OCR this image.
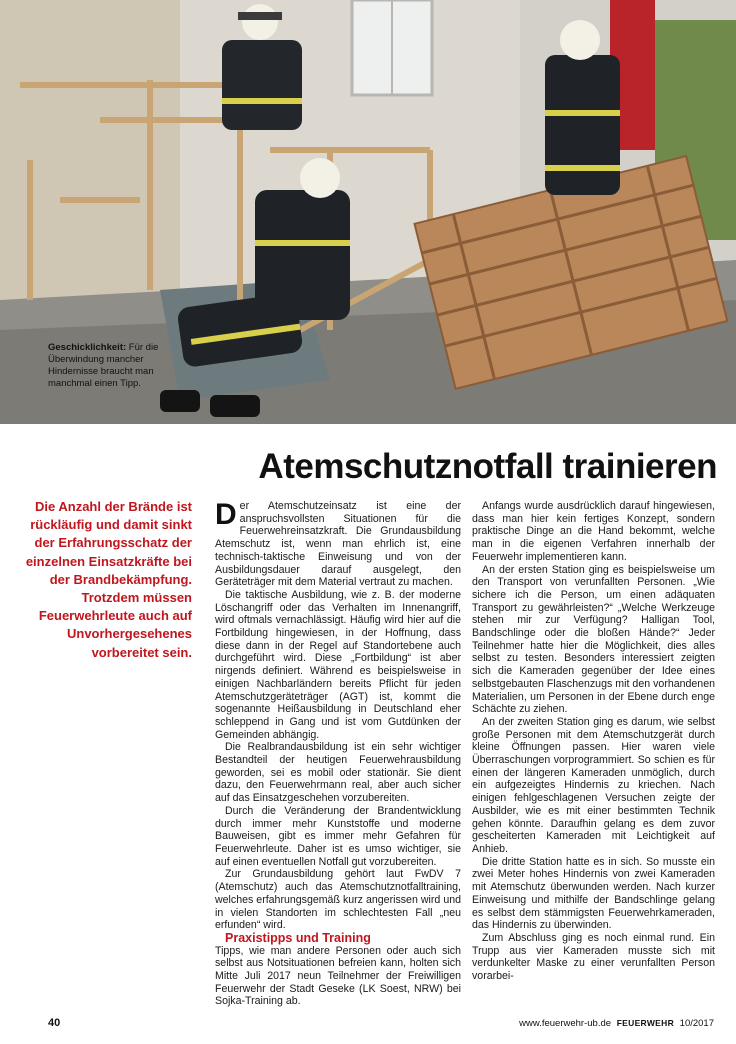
Geschicklichkeit: Für die Überwindung mancher Hindernisse braucht man manchmal einen Tipp.
Atemschutznotfall trainieren
Die Anzahl der Brände ist rückläufig und damit sinkt der Erfahrungsschatz der einzelnen Einsatzkräfte bei der Brandbekämpfung. Trotzdem müssen Feuerwehrleute auch auf Unvorhergesehenes vorbereitet sein.

Der Atemschutzeinsatz ist eine der anspruchsvollsten Situationen für die Feuerwehreinsatzkraft. Die Grundausbildung Atemschutz ist, wenn man ehrlich ist, eine technisch-taktische Einweisung und von der Ausbildungsdauer darauf ausgelegt, den Geräteträger mit dem Material vertraut zu machen.

Die taktische Ausbildung, wie z. B. der moderne Löschangriff oder das Verhalten im Innenangriff, wird oftmals vernachlässigt. Häufig wird hier auf die Fortbildung hingewiesen, in der Hoffnung, dass diese dann in der Regel auf Standortebene auch durchgeführt wird. Diese „Fortbildung“ ist aber nirgends definiert. Während es beispielsweise in einigen Nachbarländern bereits Pflicht für jeden Atemschutzgeräteträger (AGT) ist, kommt die sogenannte Heißausbildung in Deutschland eher schleppend in Gang und ist vom Gutdünken der Gemeinden abhängig.

Die Realbrandausbildung ist ein sehr wichtiger Bestandteil der heutigen Feuerwehrausbildung geworden, sei es mobil oder stationär. Sie dient dazu, den Feuerwehrmann real, aber auch sicher auf das Einsatzgeschehen vorzubereiten.

Durch die Veränderung der Brandentwicklung durch immer mehr Kunststoffe und moderne Bauweisen, gibt es immer mehr Gefahren für Feuerwehrleute. Daher ist es umso wichtiger, sie auf einen eventuellen Notfall gut vorzubereiten.

Zur Grundausbildung gehört laut FwDV 7 (Atemschutz) auch das Atemschutznotfalltraining, welches erfahrungsgemäß kurz angerissen wird und in vielen Standorten im schlechtesten Fall „neu erfunden“ wird.

Praxistipps und Training

Tipps, wie man andere Personen oder auch sich selbst aus Notsituationen befreien kann, holten sich Mitte Juli 2017 neun Teilnehmer der Freiwilligen Feuerwehr der Stadt Geseke (LK Soest, NRW) bei Sojka-Training ab.

Anfangs wurde ausdrücklich darauf hingewiesen, dass man hier kein fertiges Konzept, sondern praktische Dinge an die Hand bekommt, welche man in die eigenen Verfahren innerhalb der Feuerwehr implementieren kann.

An der ersten Station ging es beispielsweise um den Transport von verunfallten Personen. „Wie sichere ich die Person, um einen adäquaten Transport zu gewährleisten?“ „Welche Werkzeuge stehen mir zur Verfügung? Halligan Tool, Bandschlinge oder die bloßen Hände?“ Jeder Teilnehmer hatte hier die Möglichkeit, dies alles selbst zu testen. Besonders interessiert zeigten sich die Kameraden gegenüber der Idee eines selbstgebauten Flaschenzugs mit den vorhandenen Materialien, um Personen in der Ebene durch enge Schächte zu ziehen.

An der zweiten Station ging es darum, wie selbst große Personen mit dem Atemschutzgerät durch kleine Öffnungen passen. Hier waren viele Überraschungen vorprogrammiert. So schien es für einen der längeren Kameraden unmöglich, durch ein aufgezeigtes Hindernis zu kriechen. Nach einigen fehlgeschlagenen Versuchen zeigte der Ausbilder, wie es mit einer bestimmten Technik gehen könnte. Daraufhin gelang es dem zuvor gescheiterten Kameraden mit Leichtigkeit auf Anhieb.

Die dritte Station hatte es in sich. So musste ein zwei Meter hohes Hindernis von zwei Kameraden mit Atemschutz überwunden werden. Nach kurzer Einweisung und mithilfe der Bandschlinge gelang es selbst dem stämmigsten Feuerwehrkameraden, das Hindernis zu überwinden.

Zum Abschluss ging es noch einmal rund. Ein Trupp aus vier Kameraden musste sich mit verdunkelter Maske zu einer verunfallten Person vorarbei-

40	www.feuerwehr-ub.de FEUERWEHR 10/2017
